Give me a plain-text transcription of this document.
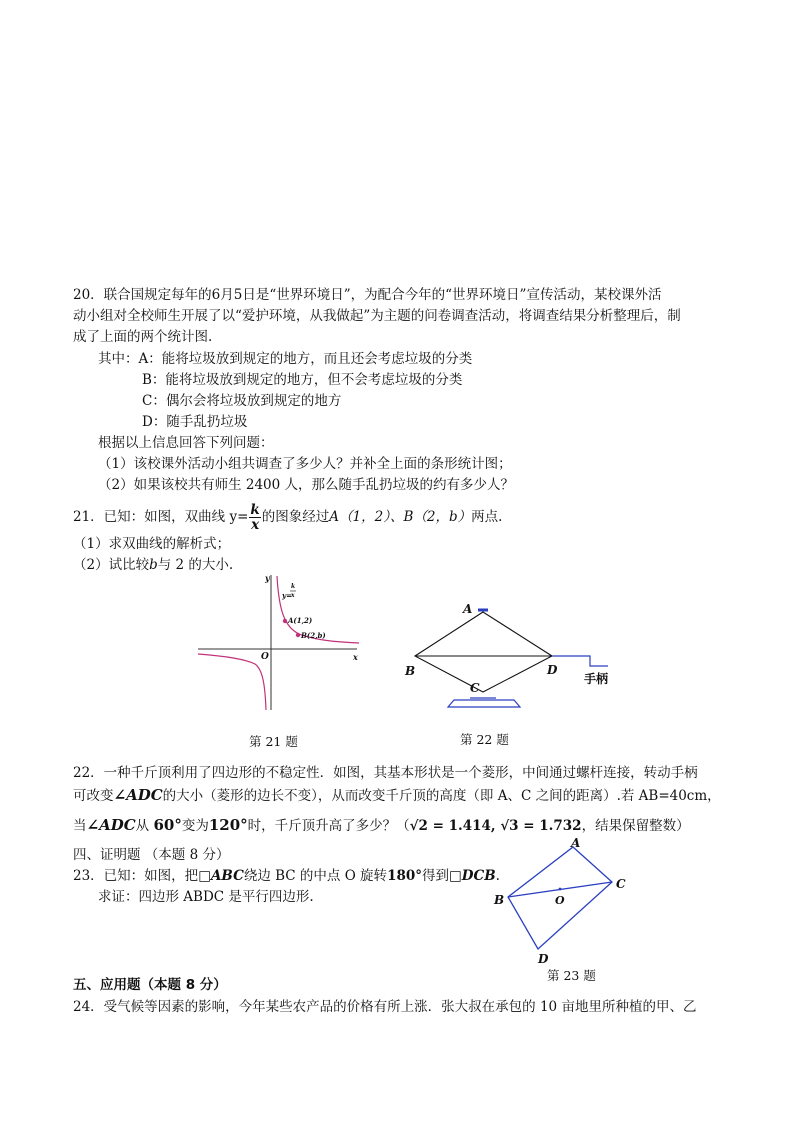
20．联合国规定每年的6月5日是“世界环境日”，为配合今年的“世界环境日”宣传活动，某校课外活
动小组对全校师生开展了以“爱护环境，从我做起”为主题的问卷调查活动，将调查结果分析整理后，制
成了上面的两个统计图.
其中：A：能将垃圾放到规定的地方，而且还会考虑垃圾的分类
B：能将垃圾放到规定的地方，但不会考虑垃圾的分类
C：偶尔会将垃圾放到规定的地方
D：随手乱扔垃圾
根据以上信息回答下列问题：
（1）该校课外活动小组共调查了多少人？并补全上面的条形统计图；
（2）如果该校共有师生 2400 人，那么随手乱扔垃圾的约有多少人？
21．已知：如图，双曲线 $y= \frac{k}{x}$ 的图象经过A（1，2）、B（2，b）两点.
（1）求双曲线的解析式；
（2）试比较b与 2 的大小.
y
x
O
y=
k
x
A(1,2)
B(2,b)
第 21 题
A
B
C
D
手柄
第 22 题
22．一种千斤顶利用了四边形的不稳定性．如图，其基本形状是一个菱形，中间通过螺杆连接，转动手柄
可改变∠ADC的大小（菱形的边长不变），从而改变千斤顶的高度（即 A、C 之间的距离）.若 AB=40cm，
当∠ADC从 60°变为120°时，千斤顶升高了多少？（√2 = 1.414, √3 = 1.732，结果保留整数）
四、证明题 （本题 8 分）
23．已知：如图，把□ABC绕边 BC 的中点 O 旋转180°得到□DCB.
求证：四边形 ABDC 是平行四边形.
A
B
C
D
O
第 23 题
五、应用题（本题 8 分）
24．受气候等因素的影响，今年某些农产品的价格有所上涨．张大叔在承包的 10 亩地里所种植的甲、乙
